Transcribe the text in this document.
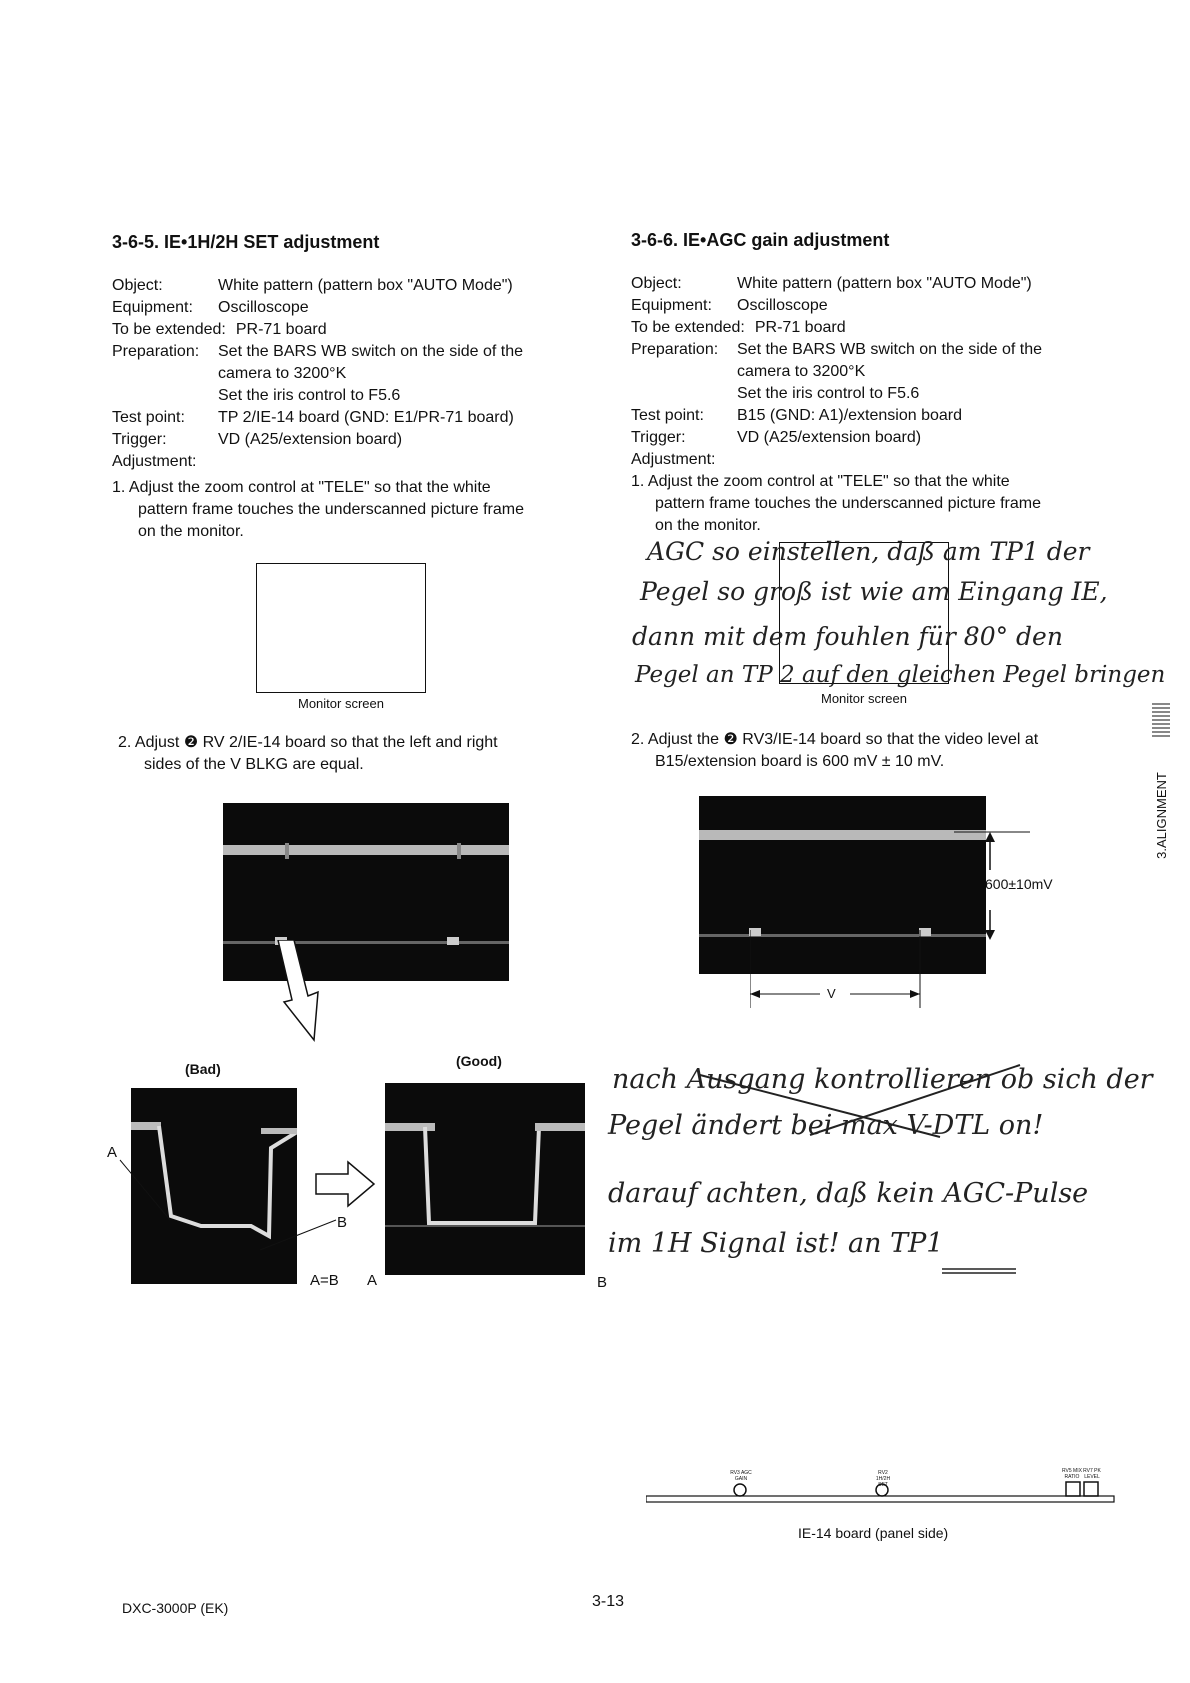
3-6-5. IE•1H/2H SET adjustment
Object:	White pattern (pattern box "AUTO Mode")
Equipment: Oscilloscope
To be extended: PR-71 board
Preparation: Set the BARS WB switch on the side of the
camera to 3200°K
Set the iris control to F5.6
Test point: TP 2/IE-14 board (GND: E1/PR-71 board)
Trigger:	VD (A25/extension board)
Adjustment:
1. Adjust the zoom control at "TELE" so that the white
pattern frame touches the underscanned picture frame
on the monitor.
Monitor screen
2. Adjust ❷ RV 2/IE-14 board so that the left and right
sides of the V BLKG are equal.
(Bad)	(Good)
A
B
A=B A	B
3-6-6. IE•AGC gain adjustment
Object:	White pattern (pattern box "AUTO Mode")
Equipment: Oscilloscope
To be extended: PR-71 board
Preparation: Set the BARS WB switch on the side of the
camera to 3200°K
Set the iris control to F5.6
Test point: B15 (GND: A1)/extension board
Trigger:	VD (A25/extension board)
Adjustment:
1. Adjust the zoom control at "TELE" so that the white
pattern frame touches the underscanned picture frame
on the monitor.
Monitor screen
AGC so einstellen, daß am TP1 der
Pegel so groß ist wie am Eingang IE,
dann mit dem fouhlen für 80° den
Pegel an TP 2 auf den gleichen Pegel bringen
2. Adjust the ❷ RV3/IE-14 board so that the video level at
B15/extension board is 600 mV ± 10 mV.
600±10mV
V
nach Ausgang kontrollieren ob sich der
Pegel ändert bei max V-DTL on!
darauf achten, daß kein AGC-Pulse
im 1H Signal ist! an TP1
RV3 AGC GAIN
RV2 1H/2H SET
RV5 MIX RATIO
RV7 PK LEVEL
IE-14 board (panel side)
3.ALIGNMENT
DXC-3000P (EK)	3-13
